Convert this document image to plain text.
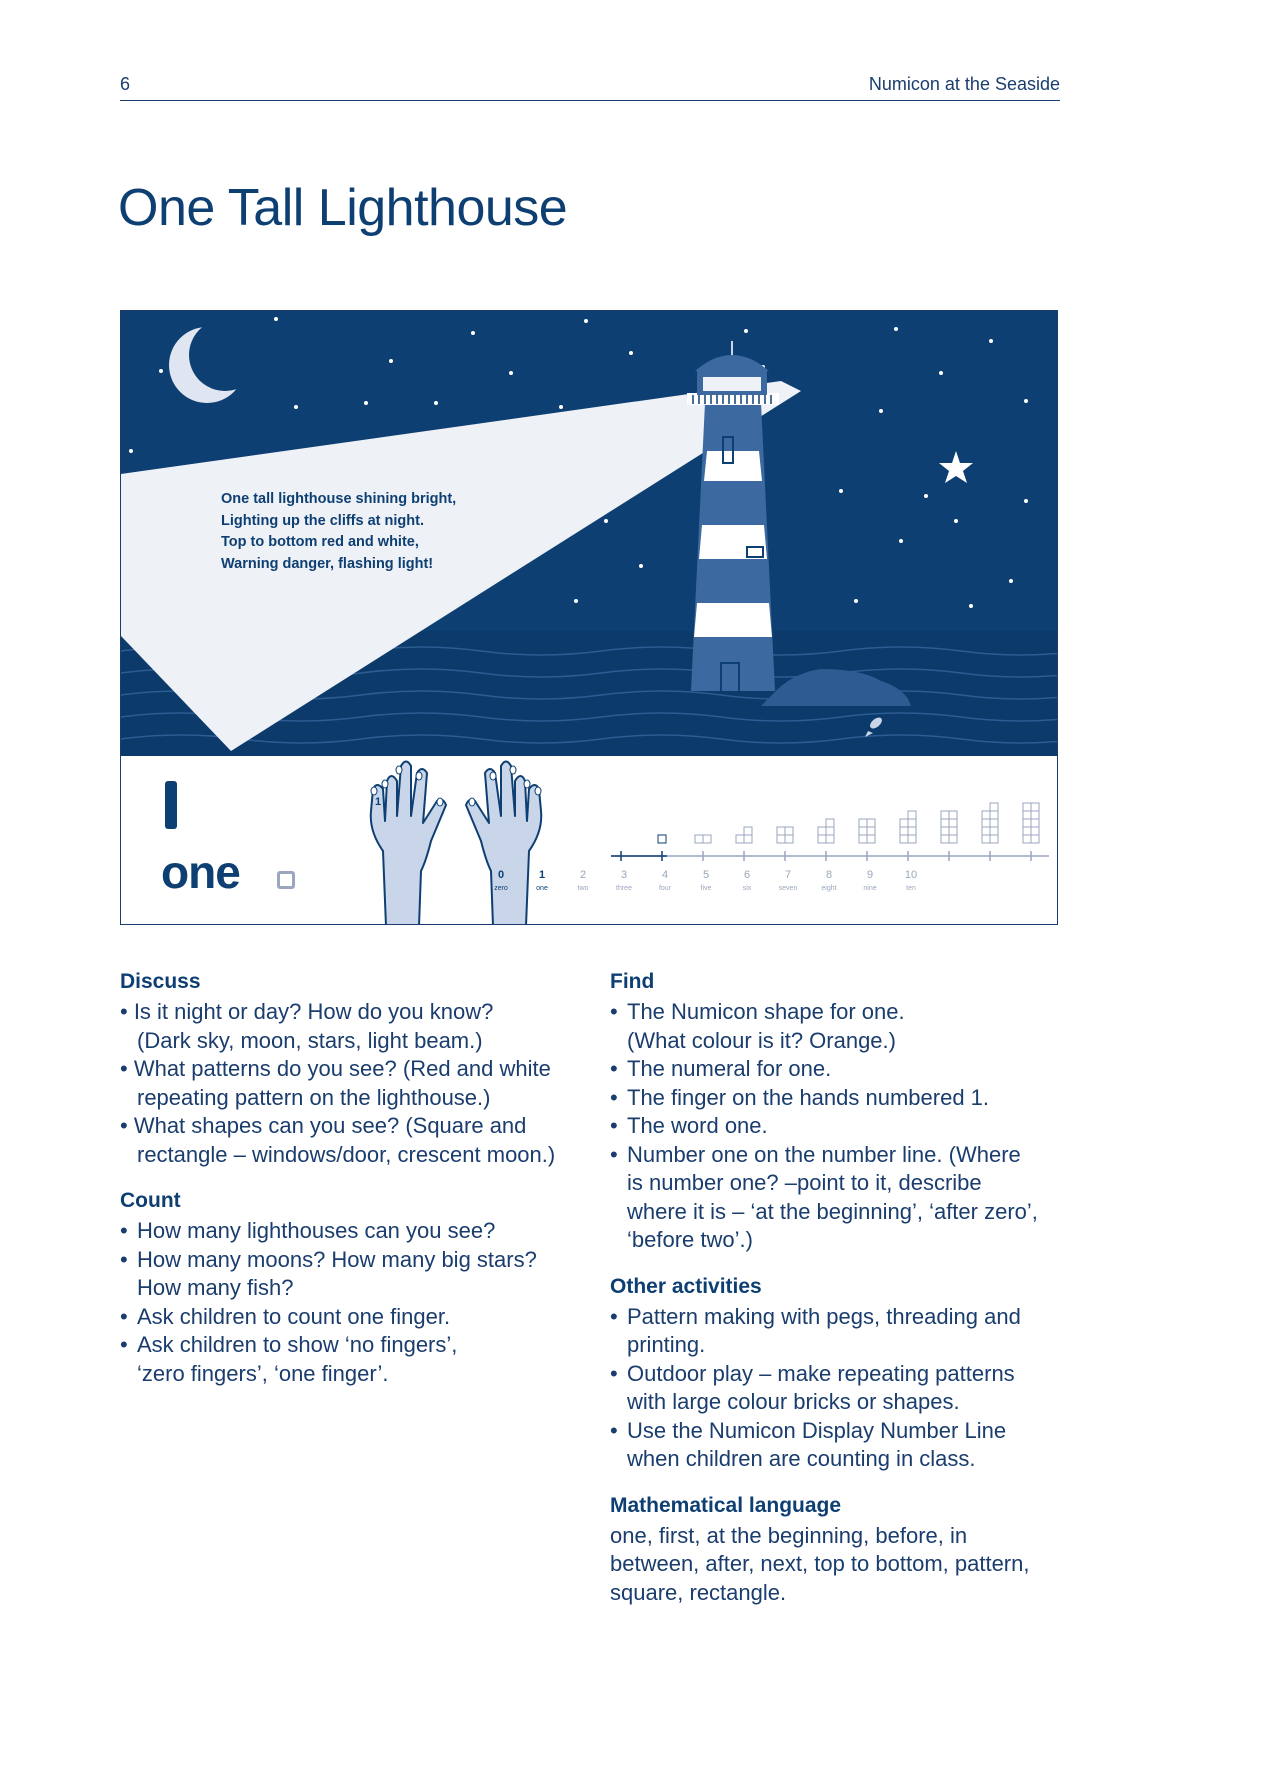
6	Numicon at the Seaside
One Tall Lighthouse
1
One tall lighthouse shining bright,
Lighting up the cliffs at night.
Top to bottom red and white,
Warning danger, flashing light!
one	0	1	2	3	4	5	6	7	8	9	10
zero	one	two	three	four	five	six	seven	eight	nine	ten
Discuss
• Is it night or day? How do you know?
(Dark sky, moon, stars, light beam.)
• What patterns do you see? (Red and white
repeating pattern on the lighthouse.)
• What shapes can you see? (Square and
rectangle – windows/door, crescent moon.)
Count
• How many lighthouses can you see?
• How many moons? How many big stars?
How many fish?
• Ask children to count one finger.
• Ask children to show ‘no fingers’,
‘zero fingers’, ‘one finger’.
Find
• The Numicon shape for one.
(What colour is it? Orange.)
• The numeral for one.
• The finger on the hands numbered 1.
• The word one.
• Number one on the number line. (Where
is number one? –point to it, describe
where it is – ‘at the beginning’, ‘after zero’,
‘before two’.)
Other activities
• Pattern making with pegs, threading and
printing.
• Outdoor play – make repeating patterns
with large colour bricks or shapes.
• Use the Numicon Display Number Line
when children are counting in class.
Mathematical language
one, first, at the beginning, before, in
between, after, next, top to bottom, pattern,
square, rectangle.
